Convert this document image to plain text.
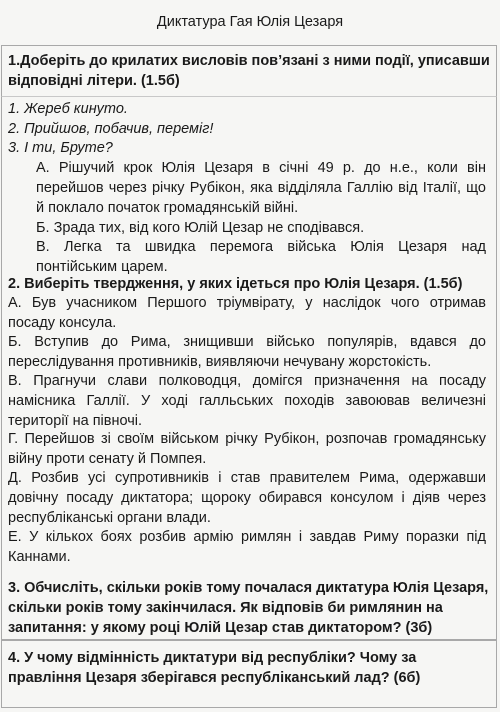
Диктатура Гая Юлія Цезаря
1.Доберіть до крилатих висловів пов’язані з ними події, уписавши відповідні літери. (1.5б)
1. Жереб кинуто.
2. Прийшов, побачив, переміг!
3. І ти, Бруте?
А. Рішучий крок Юлія Цезаря в січні 49 р. до н.е., коли він перейшов через річку Рубікон, яка відділяла Галлію від Італії, що й поклало початок громадянській війні.
Б. Зрада тих, від кого Юлій Цезар не сподівався.
В. Легка та швидка перемога війська Юлія Цезаря над понтійським царем.
2. Виберіть твердження, у яких ідеться про Юлія Цезаря. (1.5б)
А. Був учасником Першого тріумвірату, у наслідок чого отримав посаду консула.
Б. Вступив до Рима, знищивши військо популярів, вдався до переслідування противників, виявляючи нечувану жорстокість.
В. Прагнучи слави полководця, домігся призначення на посаду намісника Галлії. У ході галльських походів завоював величезні території на півночі.
Г. Перейшов зі своїм військом річку Рубікон, розпочав громадянську війну проти сенату й Помпея.
Д. Розбив усі супротивників і став правителем Рима, одержавши довічну посаду диктатора; щороку обирався консулом і діяв через республіканські органи влади.
Е. У кількох боях розбив армію римлян і завдав Риму поразки під Каннами.
3. Обчисліть, скільки років тому почалася диктатура Юлія Цезаря, скільки років тому закінчилася. Як відповів би римлянин на запитання: у якому році Юлій Цезар став диктатором? (3б)
4. У чому відмінність диктатури від республіки? Чому за правління Цезаря зберігався республіканський лад? (6б)
